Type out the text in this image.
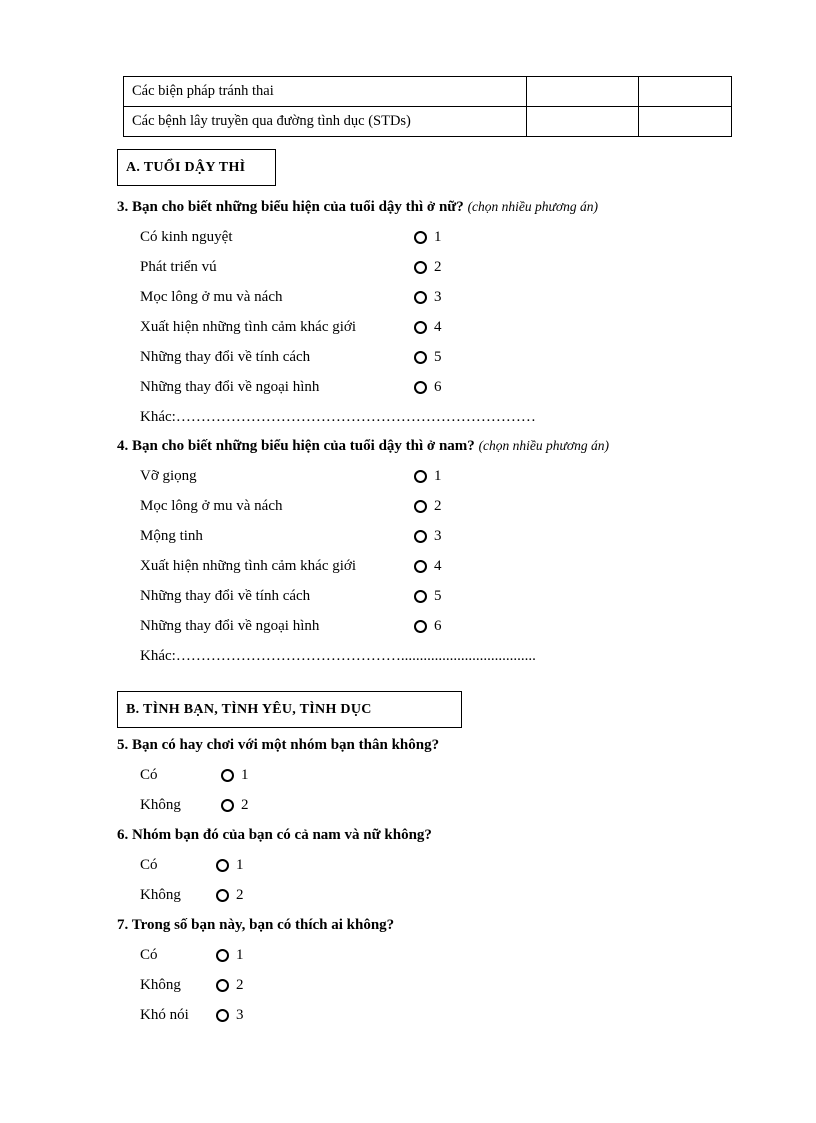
Các biện pháp tránh thai		
Các bệnh lây truyền qua đường tình dục (STDs)		
A. TUỔI DẬY THÌ
3. Bạn cho biết những biểu hiện của tuổi dậy thì ở nữ? (chọn nhiều phương án)
Có kinh nguyệt	1
Phát triển vú	2
Mọc lông ở mu và nách	3
Xuất hiện những tình cảm khác giới	4
Những thay đổi về tính cách	5
Những thay đổi về ngoại hình	6
Khác:………………………………………………………………
4. Bạn cho biết những biểu hiện của tuổi dậy thì ở nam? (chọn nhiều phương án)
Vỡ giọng	1
Mọc lông ở mu và nách	2
Mộng tinh	3
Xuất hiện những tình cảm khác giới	4
Những thay đổi về tính cách	5
Những thay đổi về ngoại hình	6
Khác:………………………………………....................................
B. TÌNH BẠN, TÌNH YÊU, TÌNH DỤC
5. Bạn có hay chơi với một nhóm bạn thân không?
Có	1
Không	2
6. Nhóm bạn đó của bạn có cả nam và nữ không?
Có	1
Không	2
7. Trong số bạn này, bạn có thích ai không?
Có	1
Không	2
Khó nói	3
